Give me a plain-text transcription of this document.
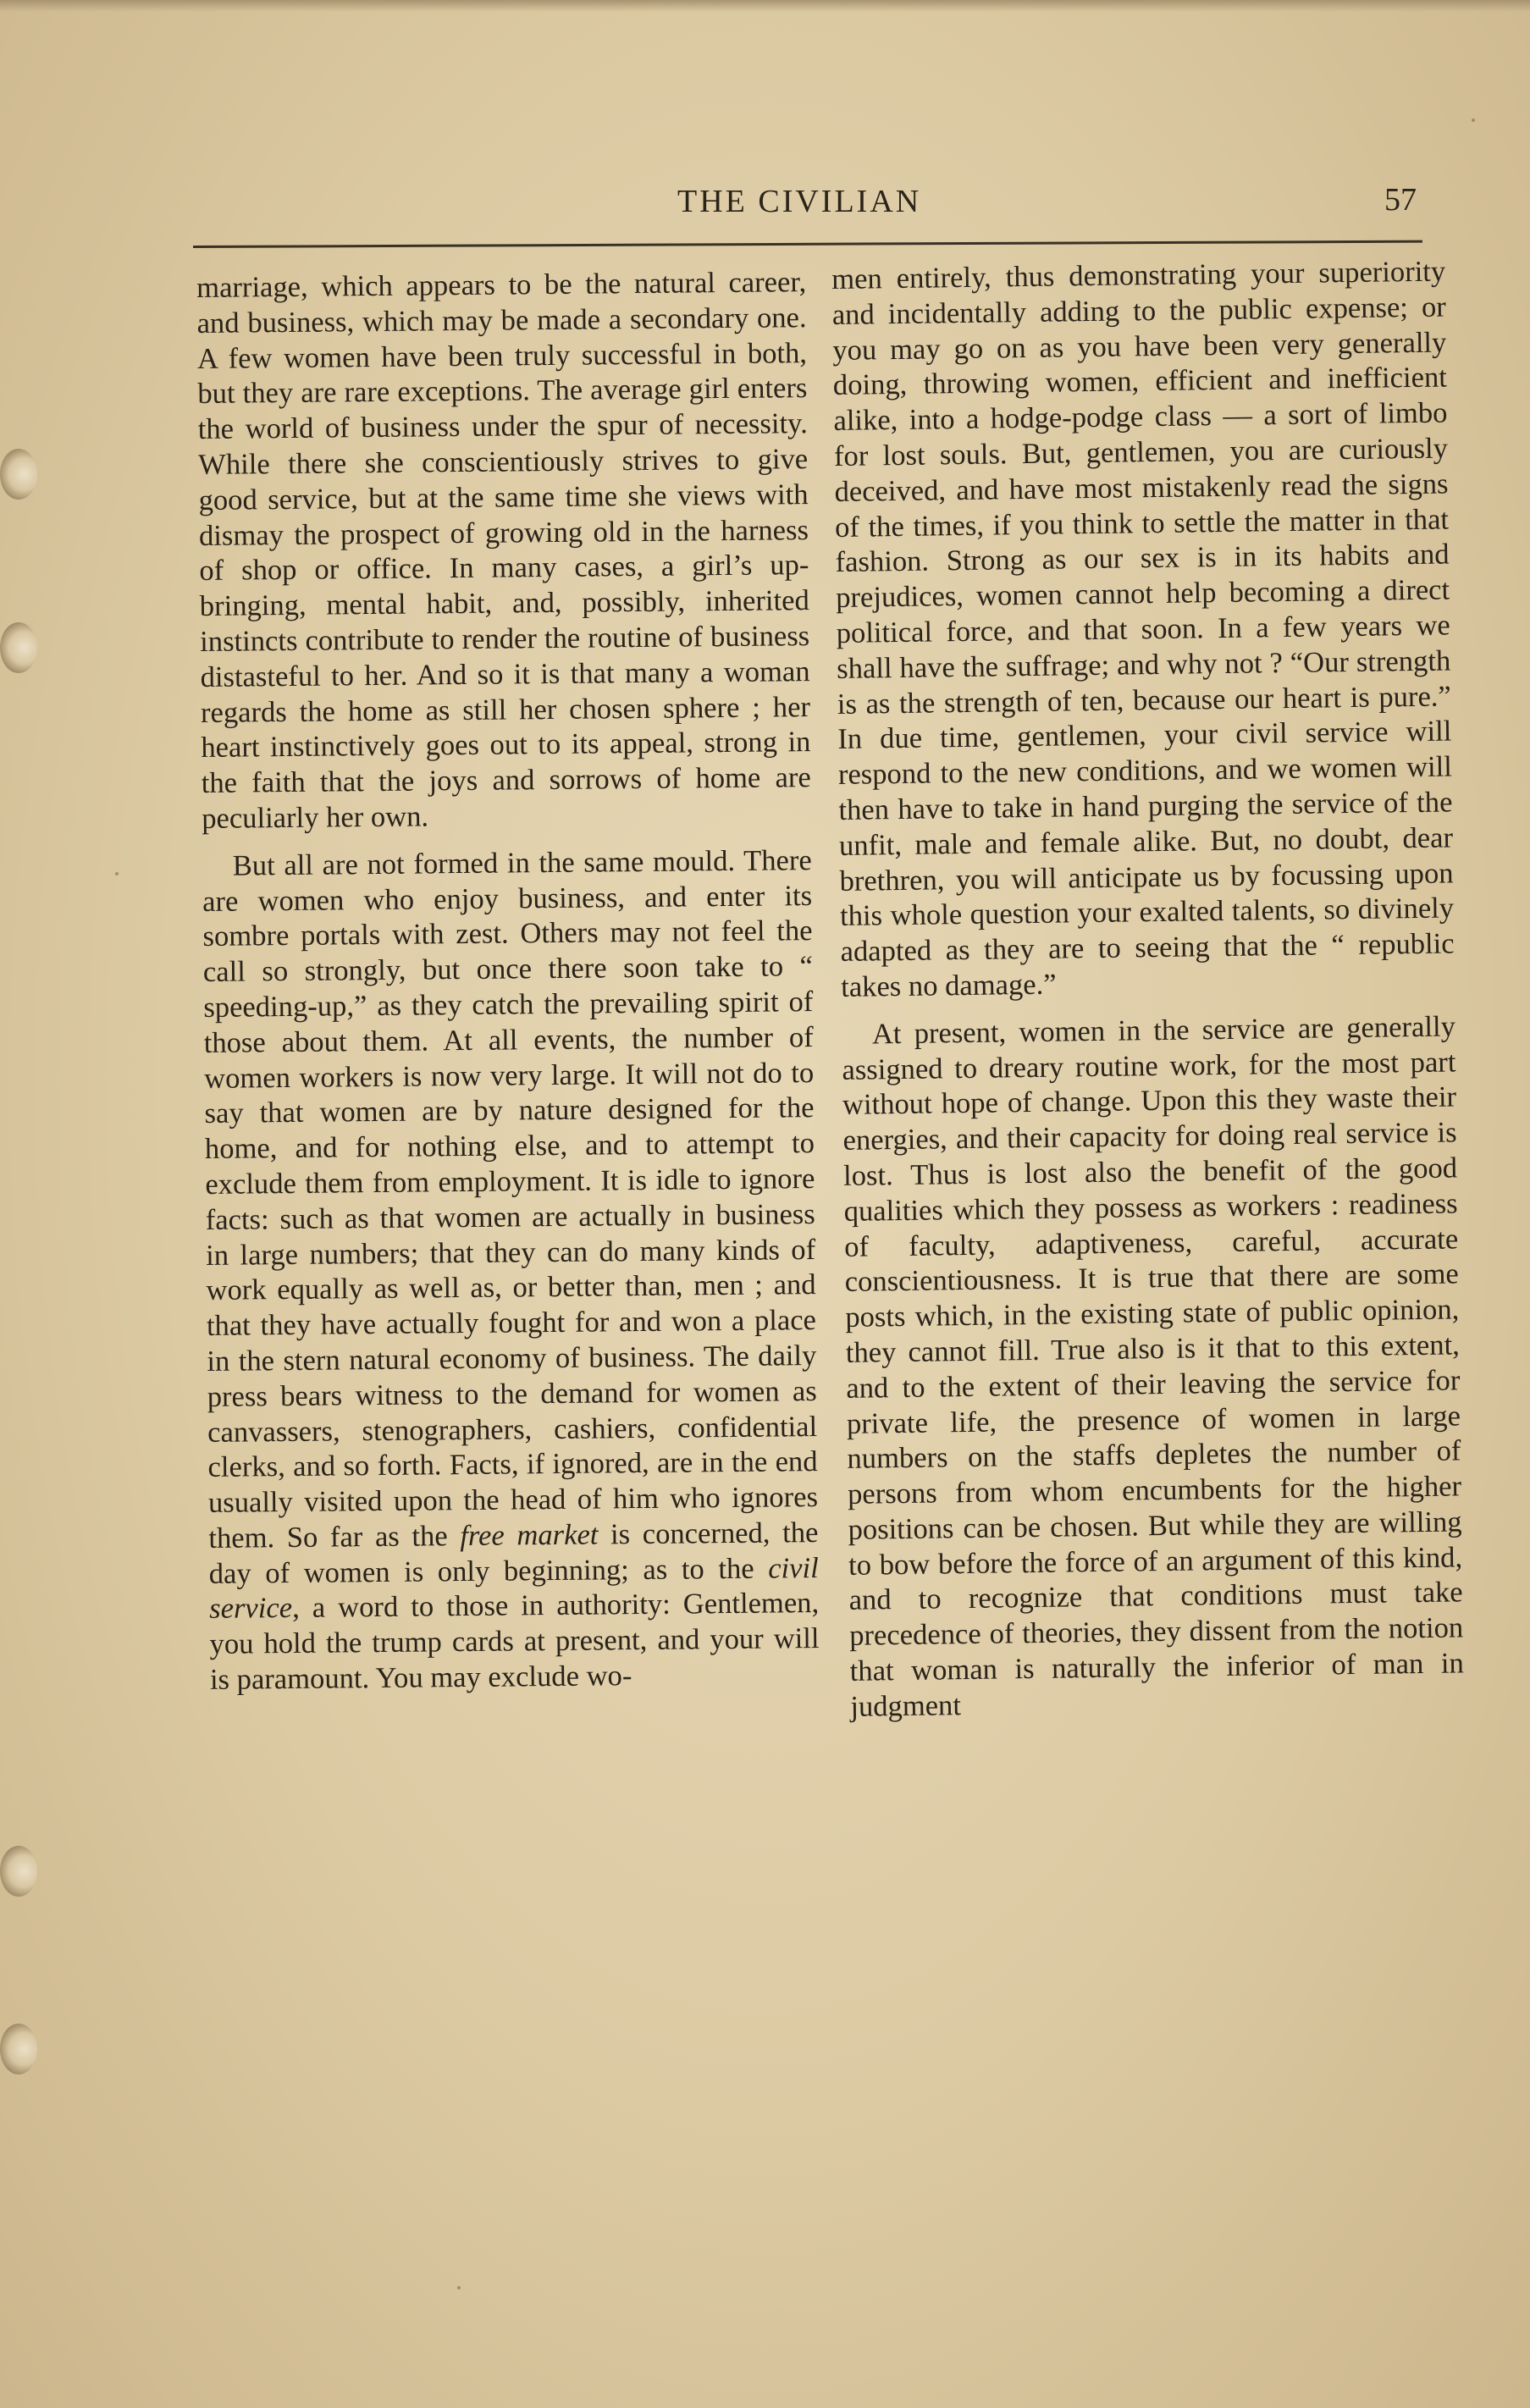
THE CIVILIAN	57

marriage, which appears to be the natural career, and business, which may be made a secondary one. A few women have been truly successful in both, but they are rare exceptions. The average girl enters the world of business under the spur of necessity. While there she conscientiously strives to give good service, but at the same time she views with dismay the prospect of growing old in the harness of shop or office. In many cases, a girl’s up-bringing, mental habit, and, possibly, inherited instincts contribute to render the routine of business distasteful to her. And so it is that many a woman regards the home as still her chosen sphere ; her heart instinctively goes out to its appeal, strong in the faith that the joys and sorrows of home are peculiarly her own.

But all are not formed in the same mould. There are women who enjoy business, and enter its sombre portals with zest. Others may not feel the call so strongly, but once there soon take to “ speeding-up,” as they catch the prevailing spirit of those about them. At all events, the number of women workers is now very large. It will not do to say that women are by nature designed for the home, and for nothing else, and to attempt to exclude them from employment. It is idle to ignore facts: such as that women are actually in business in large numbers; that they can do many kinds of work equally as well as, or better than, men ; and that they have actually fought for and won a place in the stern natural economy of business. The daily press bears witness to the demand for women as canvassers, stenographers, cashiers, confidential clerks, and so forth. Facts, if ignored, are in the end usually visited upon the head of him who ignores them. So far as the free market is concerned, the day of women is only beginning; as to the civil service, a word to those in authority: Gentlemen, you hold the trump cards at present, and your will is paramount. You may exclude wo-

men entirely, thus demonstrating your superiority and incidentally adding to the public expense; or you may go on as you have been very generally doing, throwing women, efficient and inefficient alike, into a hodge-podge class — a sort of limbo for lost souls. But, gentlemen, you are curiously deceived, and have most mistakenly read the signs of the times, if you think to settle the matter in that fashion. Strong as our sex is in its habits and prejudices, women cannot help becoming a direct political force, and that soon. In a few years we shall have the suffrage; and why not ? “Our strength is as the strength of ten, because our heart is pure.” In due time, gentlemen, your civil service will respond to the new conditions, and we women will then have to take in hand purging the service of the unfit, male and female alike. But, no doubt, dear brethren, you will anticipate us by focussing upon this whole question your exalted talents, so divinely adapted as they are to seeing that the “ republic takes no damage.”

At present, women in the service are generally assigned to dreary routine work, for the most part without hope of change. Upon this they waste their energies, and their capacity for doing real service is lost. Thus is lost also the benefit of the good qualities which they possess as workers : readiness of faculty, adaptiveness, careful, accurate conscientiousness. It is true that there are some posts which, in the existing state of public opinion, they cannot fill. True also is it that to this extent, and to the extent of their leaving the service for private life, the presence of women in large numbers on the staffs depletes the number of persons from whom encumbents for the higher positions can be chosen. But while they are willing to bow before the force of an argument of this kind, and to recognize that conditions must take precedence of theories, they dissent from the notion that woman is naturally the inferior of man in judgment
